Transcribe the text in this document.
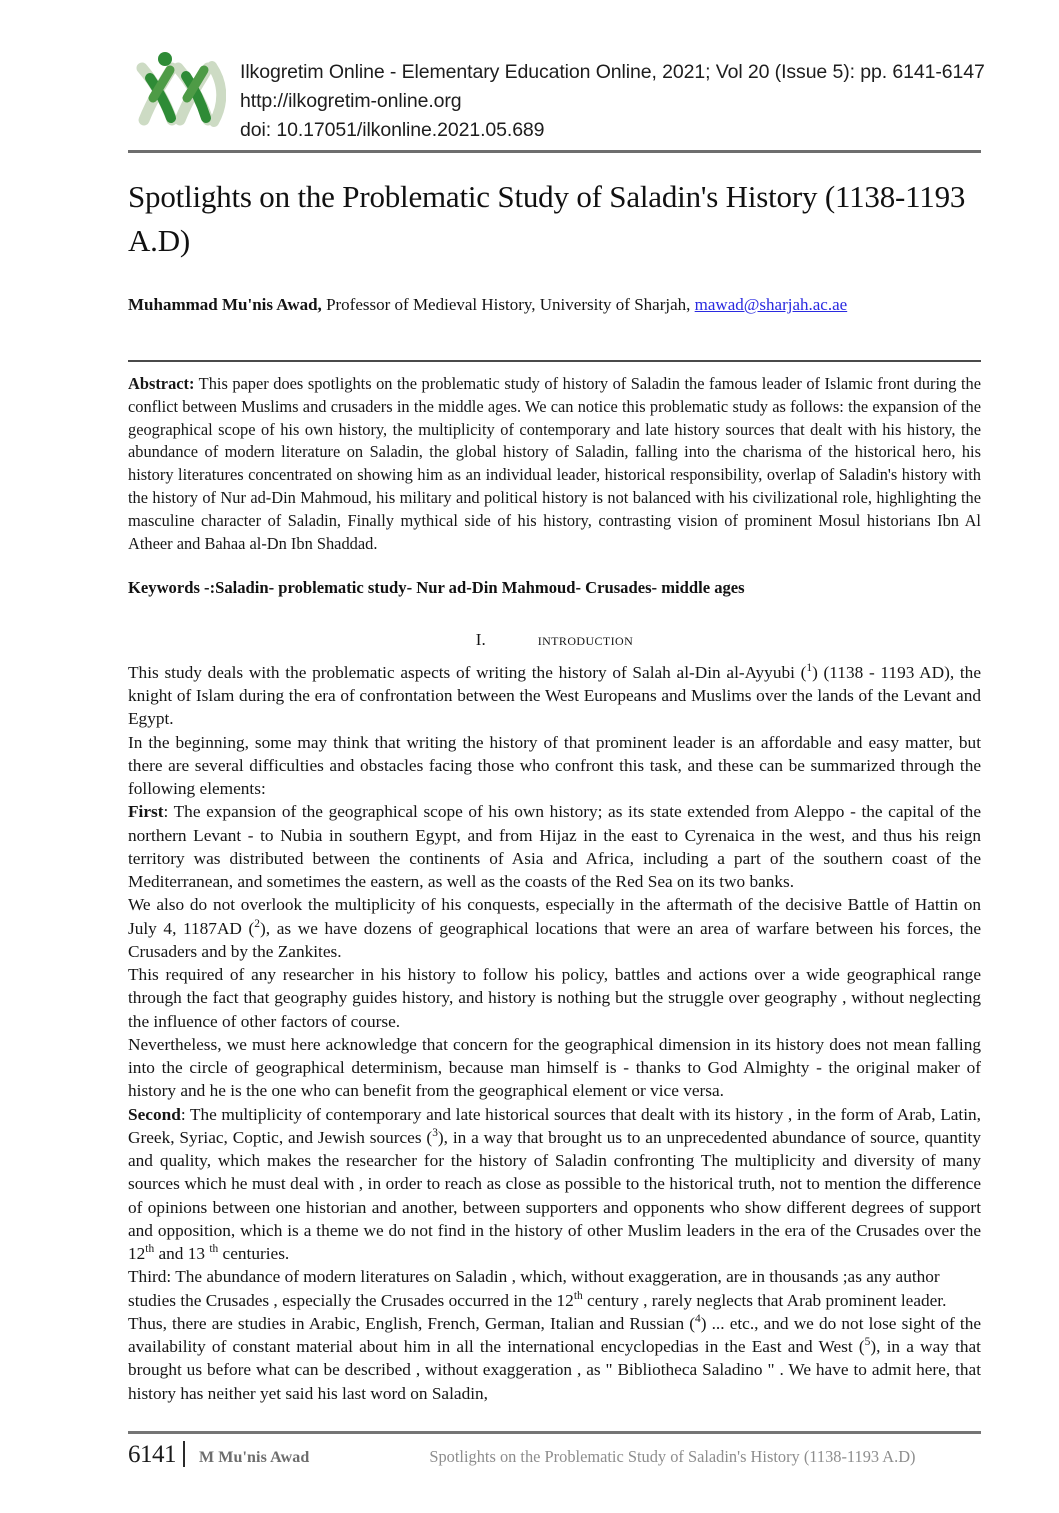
Ilkogretim Online - Elementary Education Online, 2021; Vol 20 (Issue 5): pp. 6141-6147
http://ilkogretim-online.org
doi: 10.17051/ilkonline.2021.05.689
Spotlights on the Problematic Study of Saladin's History (1138-1193 A.D)
Muhammad Mu'nis Awad, Professor of Medieval History, University of Sharjah, mawad@sharjah.ac.ae
Abstract: This paper does spotlights on the problematic study of history of Saladin the famous leader of Islamic front during the conflict between Muslims and crusaders in the middle ages. We can notice this problematic study as follows: the expansion of the geographical scope of his own history, the multiplicity of contemporary and late history sources that dealt with his history, the abundance of modern literature on Saladin, the global history of Saladin, falling into the charisma of the historical hero, his history literatures concentrated on showing him as an individual leader, historical responsibility, overlap of Saladin's history with the history of Nur ad-Din Mahmoud, his military and political history is not balanced with his civilizational role, highlighting the masculine character of Saladin, Finally mythical side of his history, contrasting vision of prominent Mosul historians Ibn Al Atheer and Bahaa al-Dn Ibn Shaddad.
Keywords -:Saladin- problematic study- Nur ad-Din Mahmoud- Crusades- middle ages
I.	introduction

This study deals with the problematic aspects of writing the history of Salah al-Din al-Ayyubi ($^1$) (1138 - 1193 AD), the knight of Islam during the era of confrontation between the West Europeans and Muslims over the lands of the Levant and Egypt.

In the beginning, some may think that writing the history of that prominent leader is an affordable and easy matter, but there are several difficulties and obstacles facing those who confront this task, and these can be summarized through the following elements:

First: The expansion of the geographical scope of his own history; as its state extended from Aleppo - the capital of the northern Levant - to Nubia in southern Egypt, and from Hijaz in the east to Cyrenaica in the west, and thus his reign territory was distributed between the continents of Asia and Africa, including a part of the southern coast of the Mediterranean, and sometimes the eastern, as well as the coasts of the Red Sea on its two banks.

We also do not overlook the multiplicity of his conquests, especially in the aftermath of the decisive Battle of Hattin on July 4, 1187AD ($^2$), as we have dozens of geographical locations that were an area of warfare between his forces, the Crusaders and by the Zankites.

This required of any researcher in his history to follow his policy, battles and actions over a wide geographical range through the fact that geography guides history, and history is nothing but the struggle over geography , without neglecting the influence of other factors of course.

Nevertheless, we must here acknowledge that concern for the geographical dimension in its history does not mean falling into the circle of geographical determinism, because man himself is - thanks to God Almighty - the original maker of history and he is the one who can benefit from the geographical element or vice versa.

Second: The multiplicity of contemporary and late historical sources that dealt with its history , in the form of Arab, Latin, Greek, Syriac, Coptic, and Jewish sources ($^3$), in a way that brought us to an unprecedented abundance of source, quantity and quality, which makes the researcher for the history of Saladin confronting The multiplicity and diversity of many sources which he must deal with , in order to reach as close as possible to the historical truth, not to mention the difference of opinions between one historian and another, between supporters and opponents who show different degrees of support and opposition, which is a theme we do not find in the history of other Muslim leaders in the era of the Crusades over the 12th and 13 $^{th}$ centuries.

Third: The abundance of modern literatures on Saladin , which, without exaggeration, are in thousands ;as any author studies the Crusades , especially the Crusades occurred in the 12th century , rarely neglects that Arab prominent leader.

Thus, there are studies in Arabic, English, French, German, Italian and Russian ($^4$) ... etc., and we do not lose sight of the availability of constant material about him in all the international encyclopedias in the East and West ($^5$), in a way that brought us before what can be described , without exaggeration , as " Bibliotheca Saladino " . We have to admit here, that history has neither yet said his last word on Saladin,

6141	M Mu'nis Awad	Spotlights on the Problematic Study of Saladin's History (1138-1193 A.D)
